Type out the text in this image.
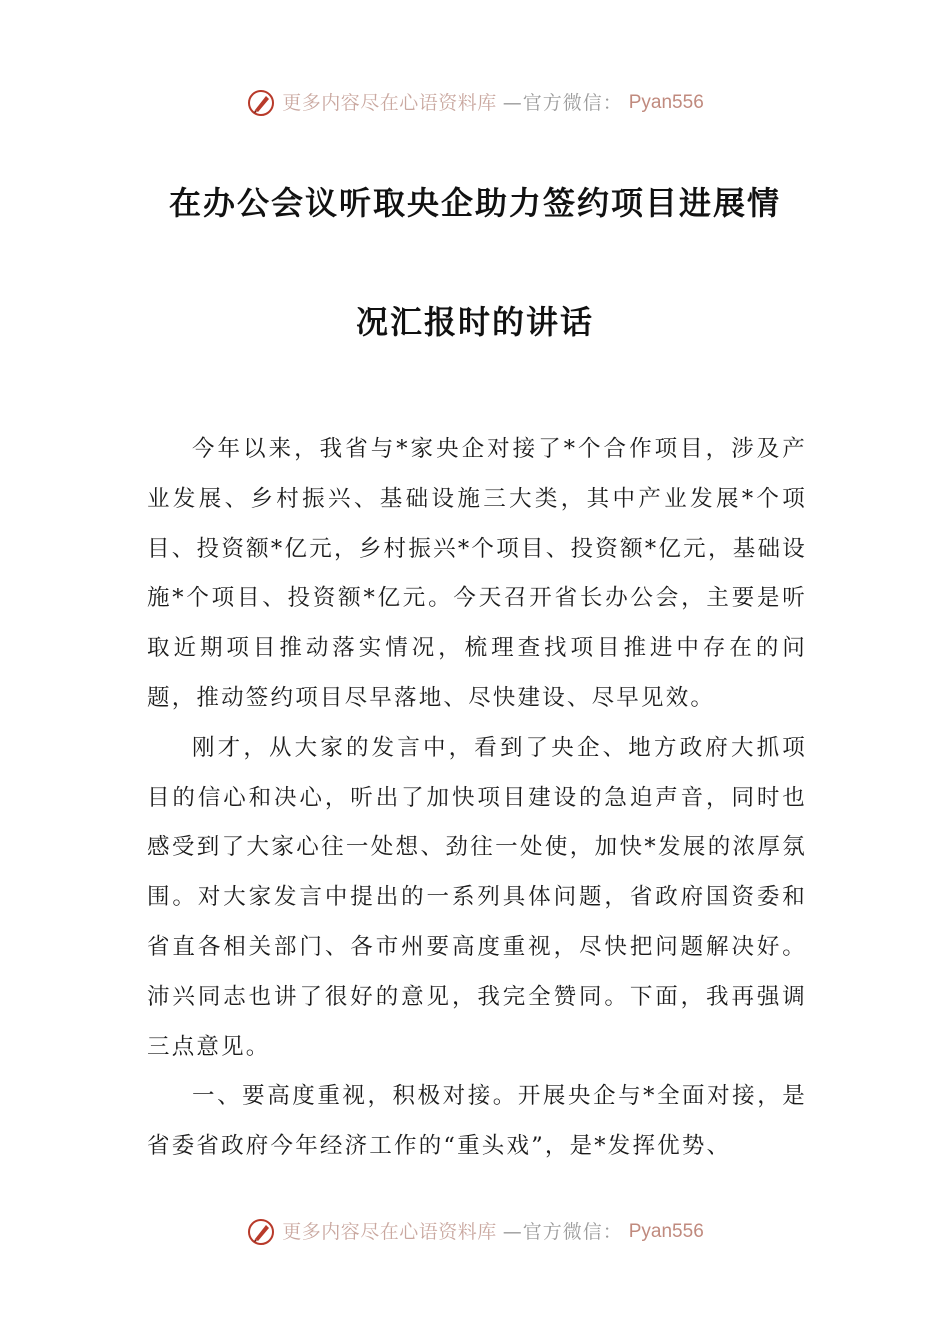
更多内容尽在心语资料库 —官方微信： Pyan556
在办公会议听取央企助力签约项目进展情
况汇报时的讲话

今年以来，我省与*家央企对接了*个合作项目，涉及产业发展、乡村振兴、基础设施三大类，其中产业发展*个项目、投资额*亿元，乡村振兴*个项目、投资额*亿元，基础设施*个项目、投资额*亿元。今天召开省长办公会，主要是听取近期项目推动落实情况，梳理查找项目推进中存在的问题，推动签约项目尽早落地、尽快建设、尽早见效。

刚才，从大家的发言中，看到了央企、地方政府大抓项目的信心和决心，听出了加快项目建设的急迫声音，同时也感受到了大家心往一处想、劲往一处使，加快*发展的浓厚氛围。对大家发言中提出的一系列具体问题，省政府国资委和省直各相关部门、各市州要高度重视，尽快把问题解决好。沛兴同志也讲了很好的意见，我完全赞同。下面，我再强调三点意见。

一、要高度重视，积极对接。开展央企与*全面对接，是省委省政府今年经济工作的“重头戏”，是*发挥优势、

更多内容尽在心语资料库 —官方微信： Pyan556
